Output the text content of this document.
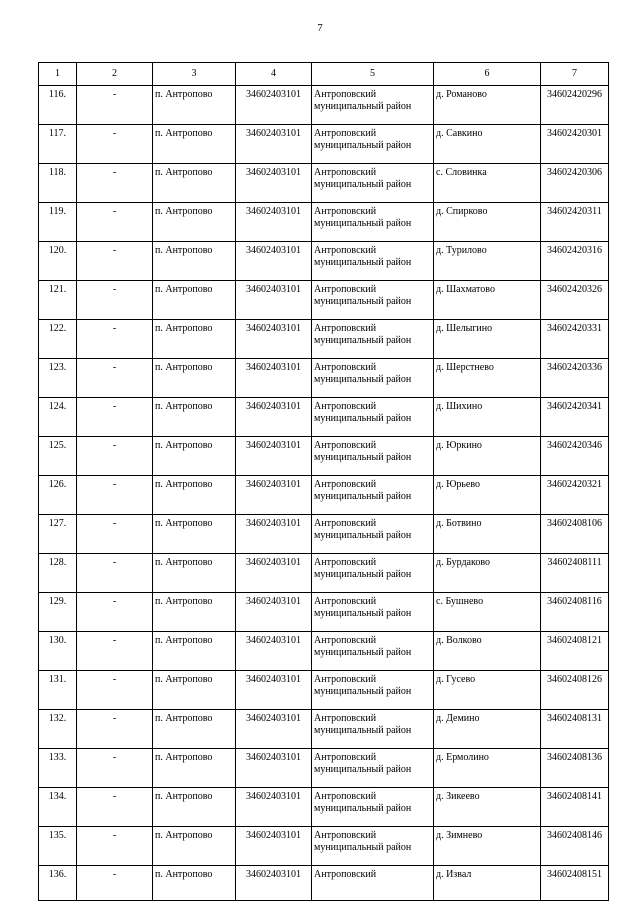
7
1	2	3	4	5	6	7
116.	-	п. Антропово	34602403101	Антроповский муниципальный район	д. Романово	34602420296
117.	-	п. Антропово	34602403101	Антроповский муниципальный район	д. Савкино	34602420301
118.	-	п. Антропово	34602403101	Антроповский муниципальный район	с. Словинка	34602420306
119.	-	п. Антропово	34602403101	Антроповский муниципальный район	д. Спирково	34602420311
120.	-	п. Антропово	34602403101	Антроповский муниципальный район	д. Турилово	34602420316
121.	-	п. Антропово	34602403101	Антроповский муниципальный район	д. Шахматово	34602420326
122.	-	п. Антропово	34602403101	Антроповский муниципальный район	д. Шелыгино	34602420331
123.	-	п. Антропово	34602403101	Антроповский муниципальный район	д. Шерстнево	34602420336
124.	-	п. Антропово	34602403101	Антроповский муниципальный район	д. Шихино	34602420341
125.	-	п. Антропово	34602403101	Антроповский муниципальный район	д. Юркино	34602420346
126.	-	п. Антропово	34602403101	Антроповский муниципальный район	д. Юрьево	34602420321
127.	-	п. Антропово	34602403101	Антроповский муниципальный район	д. Ботвино	34602408106
128.	-	п. Антропово	34602403101	Антроповский муниципальный район	д. Бурдаково	34602408111
129.	-	п. Антропово	34602403101	Антроповский муниципальный район	с. Бушнево	34602408116
130.	-	п. Антропово	34602403101	Антроповский муниципальный район	д. Волково	34602408121
131.	-	п. Антропово	34602403101	Антроповский муниципальный район	д. Гусево	34602408126
132.	-	п. Антропово	34602403101	Антроповский муниципальный район	д. Демино	34602408131
133.	-	п. Антропово	34602403101	Антроповский муниципальный район	д. Ермолино	34602408136
134.	-	п. Антропово	34602403101	Антроповский муниципальный район	д. Зикеево	34602408141
135.	-	п. Антропово	34602403101	Антроповский муниципальный район	д. Зимнево	34602408146
136.	-	п. Антропово	34602403101	Антроповский	д. Извал	34602408151
